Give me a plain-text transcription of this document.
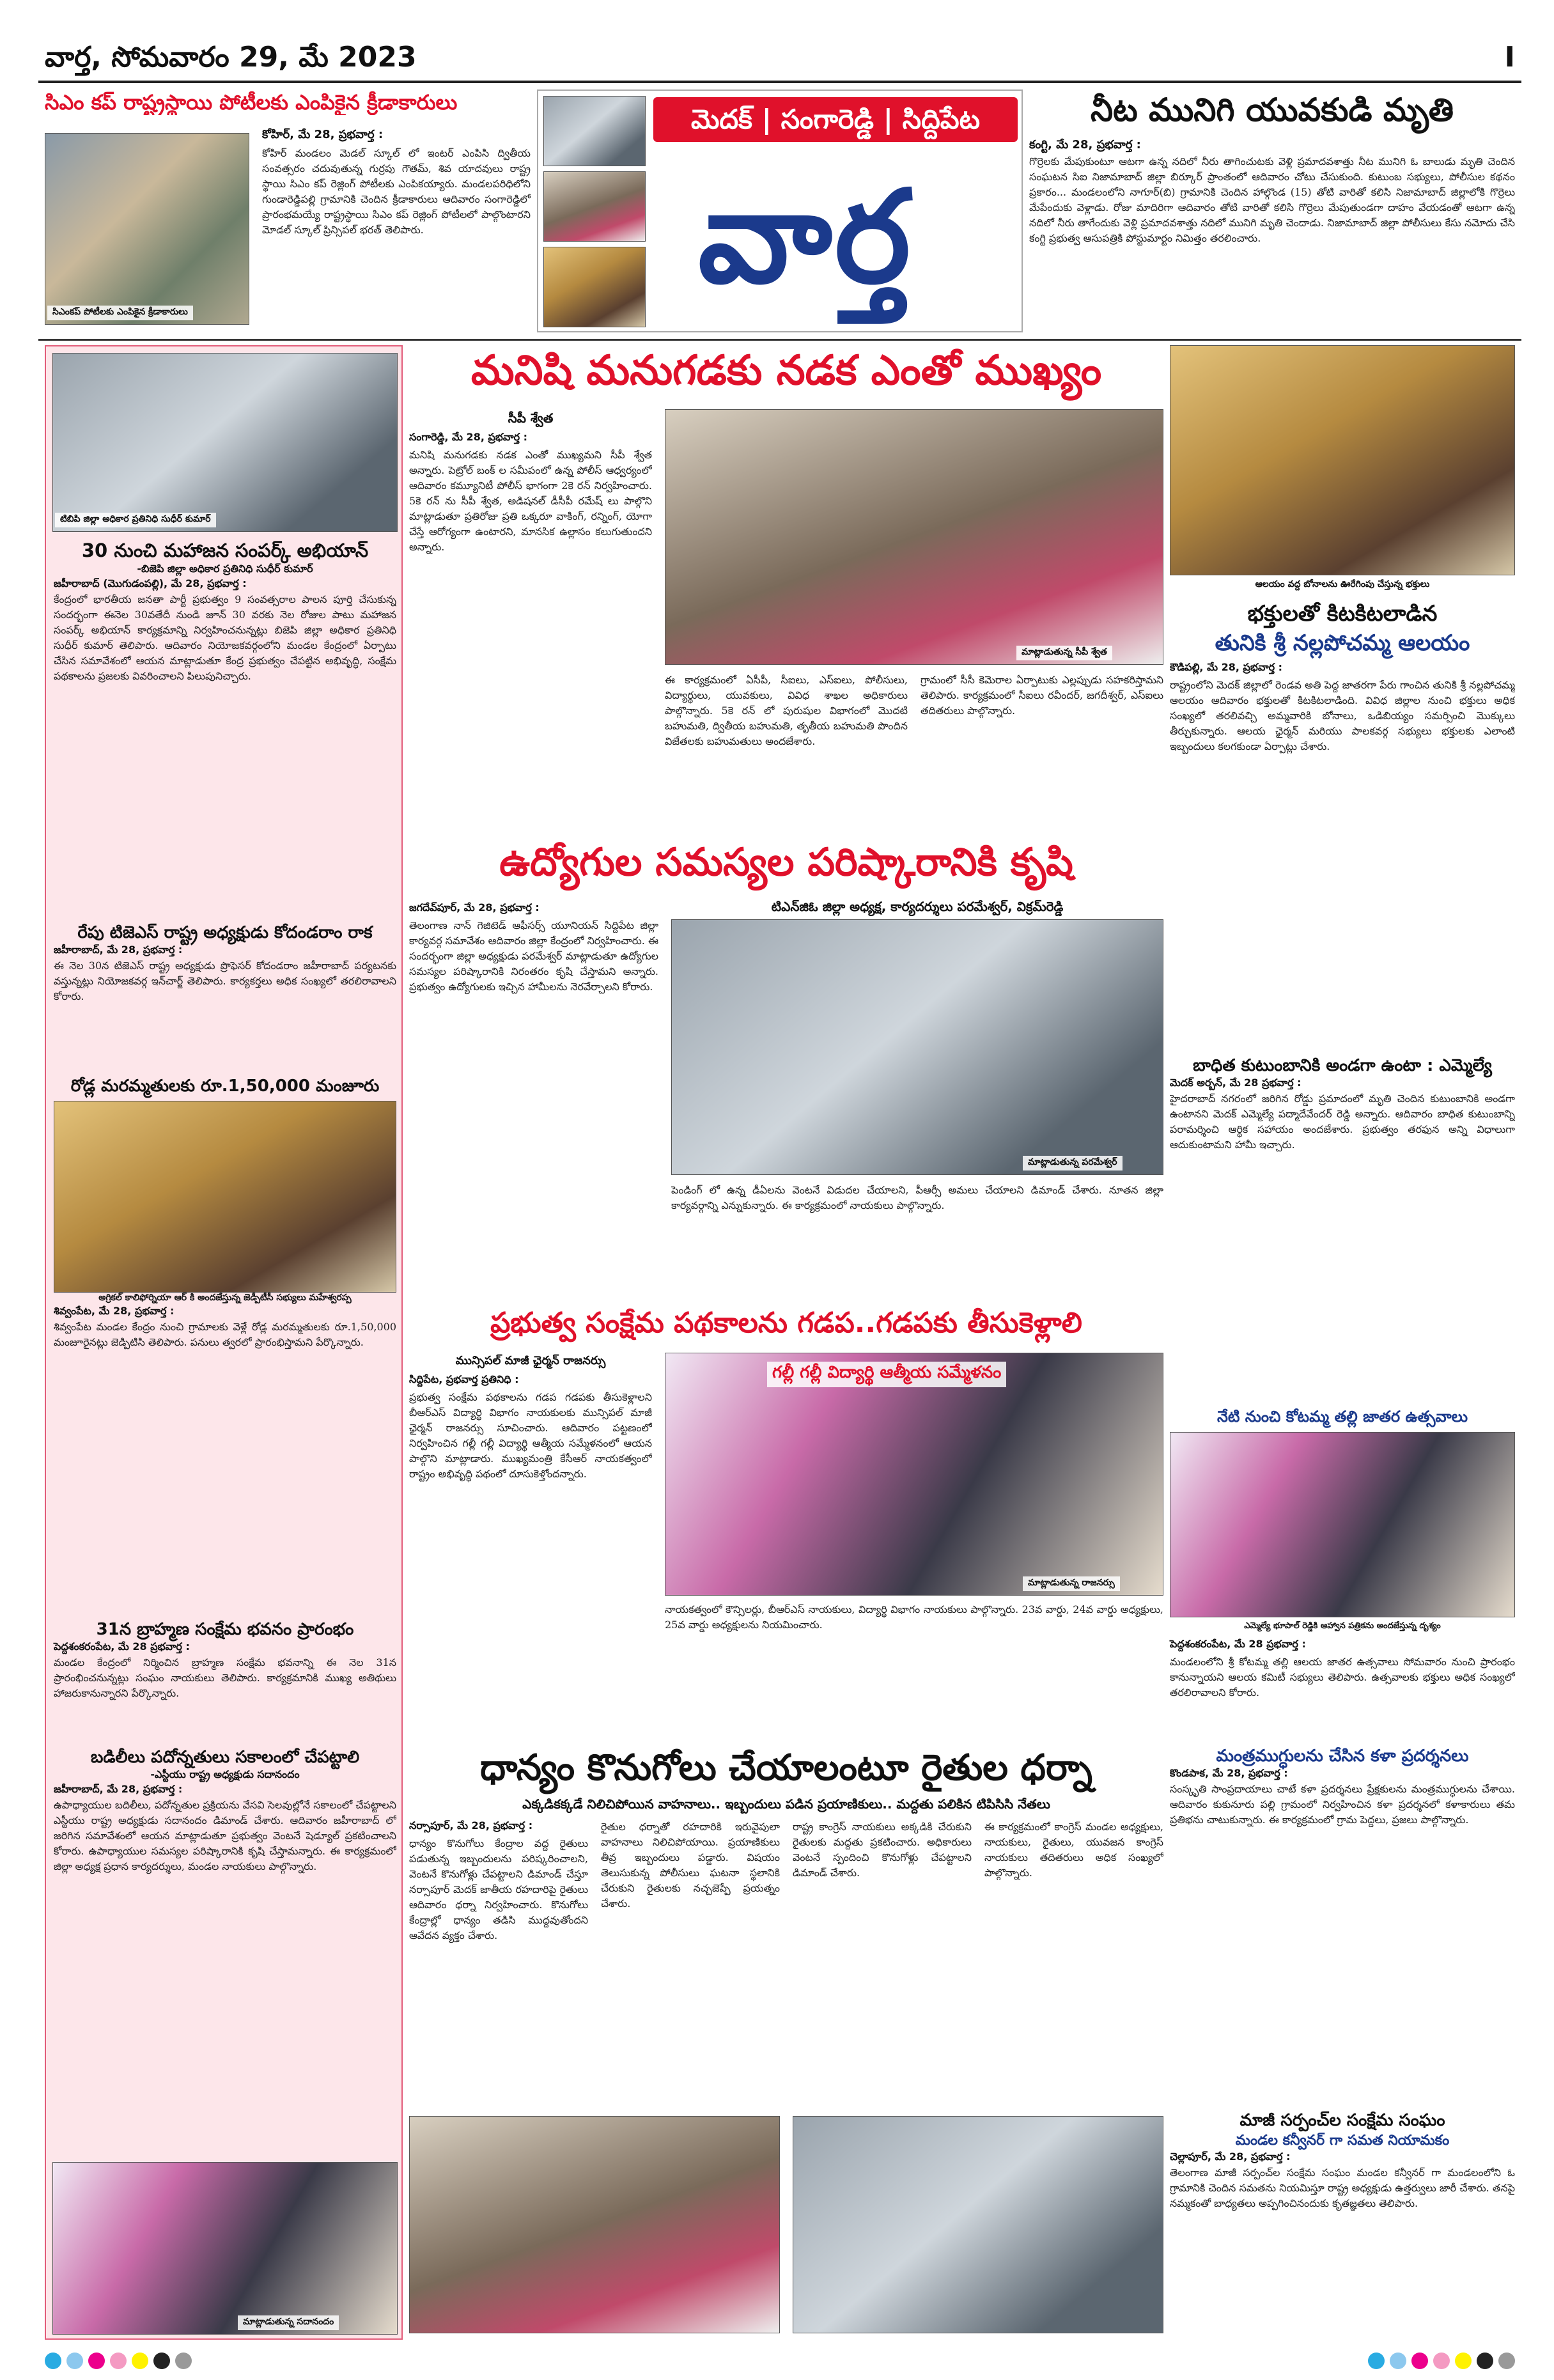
వార్త, సోమవారం 29, మే 2023	I
సిఎం కప్ రాష్ట్రస్థాయి పోటీలకు ఎంపికైన క్రీడాకారులు
సిఎంకప్ పోటీలకు ఎంపికైన క్రీడాకారులు
కోహిర్, మే 28, ప్రభవార్త :
కోహిర్ మండలం మెడల్ స్కూల్ లో ఇంటర్ ఎంపిసి ద్వితీయ సంవత్సరం చదువుతున్న గుర్రపు గౌతమ్, శివ యాదవులు రాష్ట్ర స్థాయి సిఎం కప్ రెజ్లింగ్ పోటీలకు ఎంపికయ్యారు. మండలపరిధిలోని గుండారెడ్డిపల్లి గ్రామానికి చెందిన క్రీడాకారులు ఆదివారం సంగారెడ్డిలో ప్రారంభమయ్యే రాష్ట్రస్థాయి సిఎం కప్ రెజ్లింగ్ పోటీలలో పాల్గొంటారని మోడల్ స్కూల్ ప్రిన్సిపల్ భరత్ తెలిపారు.
మెదక్ | సంగారెడ్డి | సిద్దిపేట
వార్త
నీట మునిగి యువకుడి మృతి
కంగ్టి, మే 28, ప్రభవార్త :
గొర్రెలకు మేపుకుంటూ ఆటగా ఉన్న నదిలో నీరు తాగించుటకు వెళ్లి ప్రమాదవశాత్తు నీట మునిగి ఓ బాలుడు మృతి చెందిన సంఘటన సిఐ నిజామాబాద్ జిల్లా బిర్కూర్ ప్రాంతంలో ఆదివారం చోటు చేసుకుంది. కుటుంబ సభ్యులు, పోలీసుల కథనం ప్రకారం... మండలంలోని నాగూర్(బి) గ్రామానికి చెందిన హాల్గొండ (15) తోటి వారితో కలిసి నిజామాబాద్ జిల్లాలోకి గొర్రెలు మేపేందుకు వెళ్లాడు. రోజు మాదిరిగా ఆదివారం తోటి వారితో కలిసి గొర్రెలు మేపుతుండగా దాహం వేయడంతో ఆటగా ఉన్న నదిలో నీరు తాగేందుకు వెళ్లి ప్రమాదవశాత్తు నదిలో మునిగి మృతి చెందాడు. నిజామాబాద్ జిల్లా పోలీసులు కేసు నమోదు చేసి కంగ్టి ప్రభుత్వ ఆసుపత్రికి పోస్టుమార్టం నిమిత్తం తరలించారు.
టిబిపి జిల్లా అధికార ప్రతినిధి సుధీర్ కుమార్
30 నుంచి మహాజన సంపర్క్ అభియాన్
-బిజెపి జిల్లా అధికార ప్రతినిధి సుధీర్ కుమార్
జహీరాబాద్ (మొగుడంపల్లి), మే 28, ప్రభవార్త :
కేంద్రంలో భారతీయ జనతా పార్టీ ప్రభుత్వం 9 సంవత్సరాల పాలన పూర్తి చేసుకున్న సందర్భంగా ఈనెల 30వతేదీ నుండి జూన్ 30 వరకు నెల రోజుల పాటు మహాజన సంపర్క్ అభియాన్ కార్యక్రమాన్ని నిర్వహించనున్నట్లు బిజెపి జిల్లా అధికార ప్రతినిధి సుధీర్ కుమార్ తెలిపారు. ఆదివారం నియోజకవర్గంలోని మండల కేంద్రంలో ఏర్పాటు చేసిన సమావేశంలో ఆయన మాట్లాడుతూ కేంద్ర ప్రభుత్వం చేపట్టిన అభివృద్ధి, సంక్షేమ పథకాలను ప్రజలకు వివరించాలని పిలుపునిచ్చారు.
రేపు టిజెఎస్ రాష్ట్ర అధ్యక్షుడు కోదండరాం రాక
జహీరాబాద్, మే 28, ప్రభవార్త :
ఈ నెల 30న టిజెఎస్ రాష్ట్ర అధ్యక్షుడు ప్రొఫెసర్ కోదండరాం జహీరాబాద్ పర్యటనకు వస్తున్నట్లు నియోజకవర్గ ఇన్‌చార్జ్ తెలిపారు. కార్యకర్తలు అధిక సంఖ్యలో తరలిరావాలని కోరారు.
రోడ్ల మరమ్మతులకు రూ.1,50,000 మంజూరు
అగ్రికల్ కాలిఫోర్నియా ఆర్ కి అందజేస్తున్న జెడ్పీటీసీ సభ్యులు మహేశ్వరప్ప
శివ్వంపేట, మే 28, ప్రభవార్త :
శివ్వంపేట మండల కేంద్రం నుంచి గ్రామాలకు వెళ్లే రోడ్ల మరమ్మతులకు రూ.1,50,000 మంజూరైనట్లు జెడ్పిటిసి తెలిపారు. పనులు త్వరలో ప్రారంభిస్తామని పేర్కొన్నారు.
31న బ్రాహ్మణ సంక్షేమ భవనం ప్రారంభం
పెద్దశంకరంపేట, మే 28 ప్రభవార్త :
మండల కేంద్రంలో నిర్మించిన బ్రాహ్మణ సంక్షేమ భవనాన్ని ఈ నెల 31న ప్రారంభించనున్నట్లు సంఘం నాయకులు తెలిపారు. కార్యక్రమానికి ముఖ్య అతిథులు హాజరుకానున్నారని పేర్కొన్నారు.
బడిలీలు పదోన్నతులు సకాలంలో చేపట్టాలి
-ఎస్టీయు రాష్ట్ర అధ్యక్షుడు సదానందం
జహీరాబాద్, మే 28, ప్రభవార్త :
ఉపాధ్యాయుల బదిలీలు, పదోన్నతుల ప్రక్రియను వేసవి సెలవుల్లోనే సకాలంలో చేపట్టాలని ఎస్టీయు రాష్ట్ర అధ్యక్షుడు సదానందం డిమాండ్ చేశారు. ఆదివారం జహీరాబాద్ లో జరిగిన సమావేశంలో ఆయన మాట్లాడుతూ ప్రభుత్వం వెంటనే షెడ్యూల్ ప్రకటించాలని కోరారు. ఉపాధ్యాయుల సమస్యల పరిష్కారానికి కృషి చేస్తామన్నారు. ఈ కార్యక్రమంలో జిల్లా అధ్యక్ష ప్రధాన కార్యదర్శులు, మండల నాయకులు పాల్గొన్నారు.
మాట్లాడుతున్న సదానందం
మనిషి మనుగడకు నడక ఎంతో ముఖ్యం
సీపీ శ్వేత
సంగారెడ్డి, మే 28, ప్రభవార్త :
మనిషి మనుగడకు నడక ఎంతో ముఖ్యమని సీపీ శ్వేత అన్నారు. పెట్రోల్ బంక్ ల సమీపంలో ఉన్న పోలీస్ ఆధ్వర్యంలో ఆదివారం కమ్యూనిటీ పోలీస్ భాగంగా 2కె రన్ నిర్వహించారు. 5కె రన్ ను సీపీ శ్వేత, అడిషనల్ డీసీపీ రమేష్ లు పాల్గొని మాట్లాడుతూ ప్రతిరోజు ప్రతి ఒక్కరూ వాకింగ్, రన్నింగ్, యోగా చేస్తే ఆరోగ్యంగా ఉంటారని, మానసిక ఉల్లాసం కలుగుతుందని అన్నారు.
మాట్లాడుతున్న సీపీ శ్వేత
ఈ కార్యక్రమంలో ఏసీపీ, సీఐలు, ఎస్ఐలు, పోలీసులు, విద్యార్థులు, యువకులు, వివిధ శాఖల అధికారులు పాల్గొన్నారు. 5కె రన్ లో పురుషుల విభాగంలో మొదటి బహుమతి, ద్వితీయ బహుమతి, తృతీయ బహుమతి పొందిన విజేతలకు బహుమతులు అందజేశారు.
గ్రామంలో సీసీ కెమెరాల ఏర్పాటుకు ఎల్లప్పుడు సహకరిస్తామని తెలిపారు. కార్యక్రమంలో సీఐలు రవీందర్, జగదీశ్వర్, ఎస్ఐలు తదితరులు పాల్గొన్నారు.
ఆలయం వద్ద బోనాలను ఊరేగింపు చేస్తున్న భక్తులు
భక్తులతో కిటకిటలాడిన
తునికి శ్రీ నల్లపోచమ్మ ఆలయం
కౌడిపల్లి, మే 28, ప్రభవార్త :
రాష్ట్రంలోని మెదక్ జిల్లాలో రెండవ అతి పెద్ద జాతరగా పేరు గాంచిన తునికి శ్రీ నల్లపోచమ్మ ఆలయం ఆదివారం భక్తులతో కిటకిటలాడింది. వివిధ జిల్లాల నుంచి భక్తులు అధిక సంఖ్యలో తరలివచ్చి అమ్మవారికి బోనాలు, ఒడిబియ్యం సమర్పించి మొక్కులు తీర్చుకున్నారు. ఆలయ ఛైర్మన్ మరియు పాలకవర్గ సభ్యులు భక్తులకు ఎలాంటి ఇబ్బందులు కలగకుండా ఏర్పాట్లు చేశారు.
బాధిత కుటుంబానికి అండగా ఉంటా : ఎమ్మెల్యే
మెదక్ అర్బన్, మే 28 ప్రభవార్త :
హైదరాబాద్ నగరంలో జరిగిన రోడ్డు ప్రమాదంలో మృతి చెందిన కుటుంబానికి అండగా ఉంటానని మెదక్ ఎమ్మెల్యే పద్మాదేవేందర్ రెడ్డి అన్నారు. ఆదివారం బాధిత కుటుంబాన్ని పరామర్శించి ఆర్థిక సహాయం అందజేశారు. ప్రభుత్వం తరఫున అన్ని విధాలుగా ఆదుకుంటామని హామీ ఇచ్చారు.
ఉద్యోగుల సమస్యల పరిష్కారానికి కృషి
జగదేవ్‌పూర్, మే 28, ప్రభవార్త :
తెలంగాణ నాన్ గెజిటెడ్ ఆఫీసర్స్ యూనియన్ సిద్దిపేట జిల్లా కార్యవర్గ సమావేశం ఆదివారం జిల్లా కేంద్రంలో నిర్వహించారు. ఈ సందర్భంగా జిల్లా అధ్యక్షుడు పరమేశ్వర్ మాట్లాడుతూ ఉద్యోగుల సమస్యల పరిష్కారానికి నిరంతరం కృషి చేస్తామని అన్నారు. ప్రభుత్వం ఉద్యోగులకు ఇచ్చిన హామీలను నెరవేర్చాలని కోరారు.
టిఎన్‌జిఓ జిల్లా అధ్యక్ష, కార్యదర్శులు పరమేశ్వర్, విక్రమ్‌రెడ్డి
మాట్లాడుతున్న పరమేశ్వర్
పెండింగ్ లో ఉన్న డీఏలను వెంటనే విడుదల చేయాలని, పీఆర్సీ అమలు చేయాలని డిమాండ్ చేశారు. నూతన జిల్లా కార్యవర్గాన్ని ఎన్నుకున్నారు. ఈ కార్యక్రమంలో నాయకులు పాల్గొన్నారు.
నేటి నుంచి కోటమ్మ తల్లి జాతర ఉత్సవాలు
ఎమ్మెల్యే భూపాల్ రెడ్డికి ఆహ్వాన పత్రికను అందజేస్తున్న దృశ్యం
పెద్దశంకరంపేట, మే 28 ప్రభవార్త :
మండలంలోని శ్రీ కోటమ్మ తల్లి ఆలయ జాతర ఉత్సవాలు సోమవారం నుంచి ప్రారంభం కానున్నాయని ఆలయ కమిటీ సభ్యులు తెలిపారు. ఉత్సవాలకు భక్తులు అధిక సంఖ్యలో తరలిరావాలని కోరారు.
ప్రభుత్వ సంక్షేమ పథకాలను గడప..గడపకు తీసుకెళ్లాలి
మున్సిపల్ మాజీ ఛైర్మన్ రాజనర్సు
సిద్దిపేట, ప్రభవార్త ప్రతినిధి :
ప్రభుత్వ సంక్షేమ పథకాలను గడప గడపకు తీసుకెళ్లాలని బీఆర్ఎస్ విద్యార్థి విభాగం నాయకులకు మున్సిపల్ మాజీ ఛైర్మన్ రాజనర్సు సూచించారు. ఆదివారం పట్టణంలో నిర్వహించిన గల్లీ గల్లీ విద్యార్థి ఆత్మీయ సమ్మేళనంలో ఆయన పాల్గొని మాట్లాడారు. ముఖ్యమంత్రి కేసీఆర్ నాయకత్వంలో రాష్ట్రం అభివృద్ధి పథంలో దూసుకెళ్తోందన్నారు.
గల్లీ గల్లీ విద్యార్థి ఆత్మీయ సమ్మేళనం
మాట్లాడుతున్న రాజనర్సు
నాయకత్వంలో కౌన్సిలర్లు, బీఆర్ఎస్ నాయకులు, విద్యార్థి విభాగం నాయకులు పాల్గొన్నారు. 23వ వార్డు, 24వ వార్డు అధ్యక్షులు, 25వ వార్డు అధ్యక్షులను నియమించారు.
మంత్రముగ్ధులను చేసిన కళా ప్రదర్శనలు
కొండపాక, మే 28, ప్రభవార్త :
సంస్కృతి సాంప్రదాయాలు చాటే కళా ప్రదర్శనలు ప్రేక్షకులను మంత్రముగ్ధులను చేశాయి. ఆదివారం కుకునూరు పల్లి గ్రామంలో నిర్వహించిన కళా ప్రదర్శనలో కళాకారులు తమ ప్రతిభను చాటుకున్నారు. ఈ కార్యక్రమంలో గ్రామ పెద్దలు, ప్రజలు పాల్గొన్నారు.
మాజీ సర్పంచ్‌ల సంక్షేమ సంఘం
మండల కన్వీనర్ గా సమత నియామకం
చెల్లాపూర్, మే 28, ప్రభవార్త :
తెలంగాణ మాజీ సర్పంచ్‌ల సంక్షేమ సంఘం మండల కన్వీనర్ గా మండలంలోని ఓ గ్రామానికి చెందిన సమతను నియమిస్తూ రాష్ట్ర అధ్యక్షుడు ఉత్తర్వులు జారీ చేశారు. తనపై నమ్మకంతో బాధ్యతలు అప్పగించినందుకు కృతజ్ఞతలు తెలిపారు.
ధాన్యం కొనుగోలు చేయాలంటూ రైతుల ధర్నా
ఎక్కడికక్కడే నిలిచిపోయిన వాహనాలు.. ఇబ్బందులు పడిన ప్రయాణికులు.. మద్దతు పలికిన టిపిసిసి నేతలు
నర్సాపూర్, మే 28, ప్రభవార్త :
ధాన్యం కొనుగోలు కేంద్రాల వద్ద రైతులు పడుతున్న ఇబ్బందులను పరిష్కరించాలని, వెంటనే కొనుగోళ్లు చేపట్టాలని డిమాండ్ చేస్తూ నర్సాపూర్ మెదక్ జాతీయ రహదారిపై రైతులు ఆదివారం ధర్నా నిర్వహించారు. కొనుగోలు కేంద్రాల్లో ధాన్యం తడిసి ముద్దవుతోందని ఆవేదన వ్యక్తం చేశారు.
రైతుల ధర్నాతో రహదారికి ఇరువైపులా వాహనాలు నిలిచిపోయాయి. ప్రయాణికులు తీవ్ర ఇబ్బందులు పడ్డారు. విషయం తెలుసుకున్న పోలీసులు ఘటనా స్థలానికి చేరుకుని రైతులకు నచ్చజెప్పే ప్రయత్నం చేశారు.
రాష్ట్ర కాంగ్రెస్ నాయకులు అక్కడికి చేరుకుని రైతులకు మద్దతు ప్రకటించారు. అధికారులు వెంటనే స్పందించి కొనుగోళ్లు చేపట్టాలని డిమాండ్ చేశారు.
ఈ కార్యక్రమంలో కాంగ్రెస్ మండల అధ్యక్షులు, నాయకులు, రైతులు, యువజన కాంగ్రెస్ నాయకులు తదితరులు అధిక సంఖ్యలో పాల్గొన్నారు.
